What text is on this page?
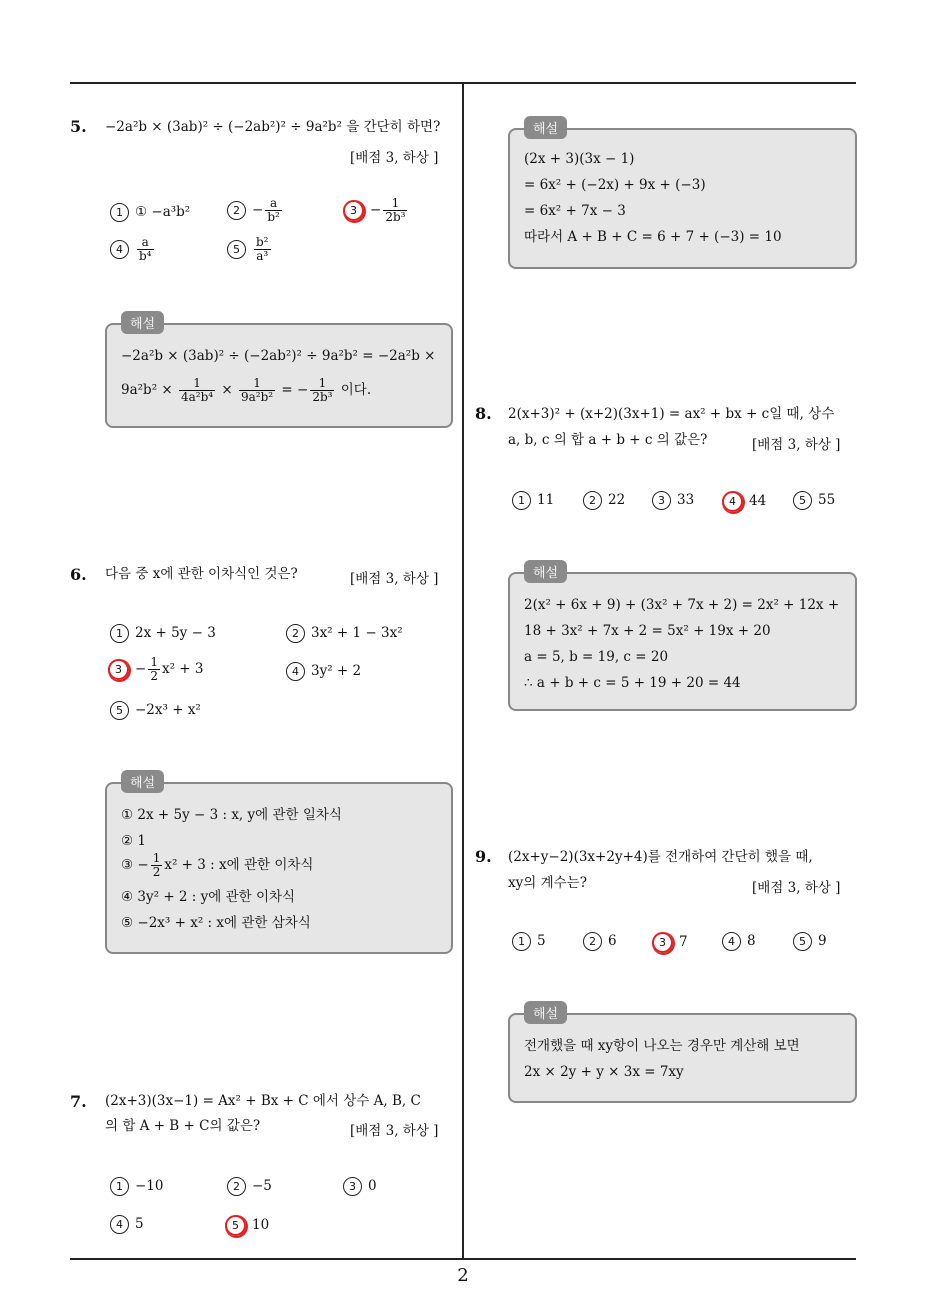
5. −2a²b × (3ab)² ÷ (−2ab²)² ÷ 9a²b² 을 간단히 하면?
[배점 3, 하상 ]
1 ① −a³b²	$2 - \frac{a}{\text{b²}}$	$3 - \frac{1}{\text{2b³}}$
$4 \frac{a}{\text{b⁴}}$	$5 \frac{\text{b²}}{\text{a³}}$
해설
−2a²b × (3ab)² ÷ (−2ab²)² ÷ 9a²b² = −2a²b ×
$9a^2b^2 \times \frac{1}{\text{4a²b⁴}} \times \frac{1}{\text{9a²b²}}$ = − $\frac{1}{\text{2b³}}$ 이다.
6. 다음 중 x에 관한 이차식인 것은?	[배점 3, 하상 ]
1 2x + 5y − 3	2 3x² + 1 − 3x²
$3 - \frac{1}{2} x^2 + 3$	4 3y² + 2
5 −2x³ + x²
해설
① 2x + 5y − 3 : x, y에 관한 일차식
② 1
③ − $\frac{1}{2} x^2 + 3$ : x에 관한 이차식
④ 3y² + 2 : y에 관한 이차식
⑤ −2x³ + x² : x에 관한 삼차식
7. (2x+3)(3x−1) = Ax² + Bx + C 에서 상수 A, B, C
의 합 A + B + C의 값은?	[배점 3, 하상 ]
1 −10	2 −5	3 0
4 5	5 10
해설
(2x + 3)(3x − 1)
= 6x² + (−2x) + 9x + (−3)
= 6x² + 7x − 3
따라서 A + B + C = 6 + 7 + (−3) = 10
8. 2(x+3)² + (x+2)(3x+1) = ax² + bx + c일 때, 상수
a, b, c 의 합 a + b + c 의 값은?	[배점 3, 하상 ]
1 11	2 22	3 33	4 44	5 55
해설
2(x² + 6x + 9) + (3x² + 7x + 2) = 2x² + 12x +
18 + 3x² + 7x + 2 = 5x² + 19x + 20
a = 5, b = 19, c = 20
∴ a + b + c = 5 + 19 + 20 = 44
9. (2x+y−2)(3x+2y+4)를 전개하여 간단히 했을 때,
xy의 계수는?	[배점 3, 하상 ]
1 5	2 6	3 7	4 8	5 9
해설
전개했을 때 xy항이 나오는 경우만 계산해 보면
2x × 2y + y × 3x = 7xy
2
